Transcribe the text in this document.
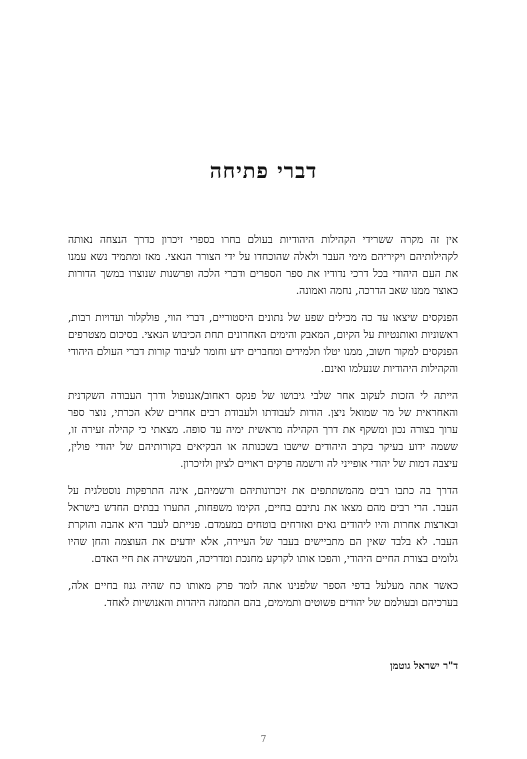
דברי פתיחה

אין זה מקרה ששרידי הקהילות היהודיות בעולם בחרו בספרי זיכרון כדרך הנצחה נאותה לקהילותיהם ויקיריהם מימי העבר ולאלה שהוכחדו על ידי הצורר הנאצי. מאז ומתמיד נשא עמנו את העם היהודי בכל דרכי נדודיו את ספר הספרים ודברי הלכה ופרשנות שנוצרו במשך הדורות כאוצר ממנו שאב הדרכה, נחמה ואמונה.

הפנקסים שיצאו עד כה מכילים שפע של נתונים היסטוריים, דברי הווי, פולקלור ועדויות רבות, ראשוניות ואותנטיות על הקיום, המאבק והימים האחרונים תחת הכיבוש הנאצי. בסיכום מצטרפים הפנקסים למקור חשוב, ממנו יטלו תלמידים ומחברים ידע וחומר לעיבוד קורות דברי העולם היהודי והקהילות היהודיות שנעלמו ואינם.

הייתה לי הזכות לעקוב אחר שלבי גיבושו של פנקס ראחוב/אננופול ודרך העבודה השקדנית והאחראית של מר שמואל ניצן. הודות לעבודתו ולעבודת רבים אחרים שלא הכרתי, נוצר ספר ערוך בצורה נכון ומשקף את דרך הקהילה מראשית ימיה עד סופה. מצאתי כי קהילה זעירה זו, ששמה ידוע בעיקר בקרב היהודים שישבו בשכנותה או הבקיאים בקורותיהם של יהודי פולין, עיצבה דמות של יהודי אופייני לה ורשמה פרקים ראויים לציון ולזיכרון.

הדרך בה כתבו רבים מהמשתתפים את זיכרונותיהם ורשמיהם, אינה התרפקות נוסטלגית על העבר. הרי רבים מהם מצאו את נתיבם בחיים, הקימו משפחות, התערו בבתים החדש בישראל ובארצות אחרות והיו ליהודים גאים ואזרחים בוטחים במעמדם. פנייתם לעבר היא אהבה והוקרת העבר. לא בלבד שאין הם מתביישים בעבר של העיירה, אלא יודעים את העוצמה והחן שהיו גלומים בצורת החיים היהודי, והפכו אותו לקרקע מחנכת ומדריכה, המעשירה את חיי האדם.

כאשר אתה מעלעל בדפי הספר שלפנינו אתה לומד פרק מאותו כח שהיה גנוז בחיים אלה, בערכיהם ובעולמם של יהודים פשוטים ותמימים, בהם התמזגה היהדות והאנושיות לאחד.

ד"ר ישראל גוטמן
7
